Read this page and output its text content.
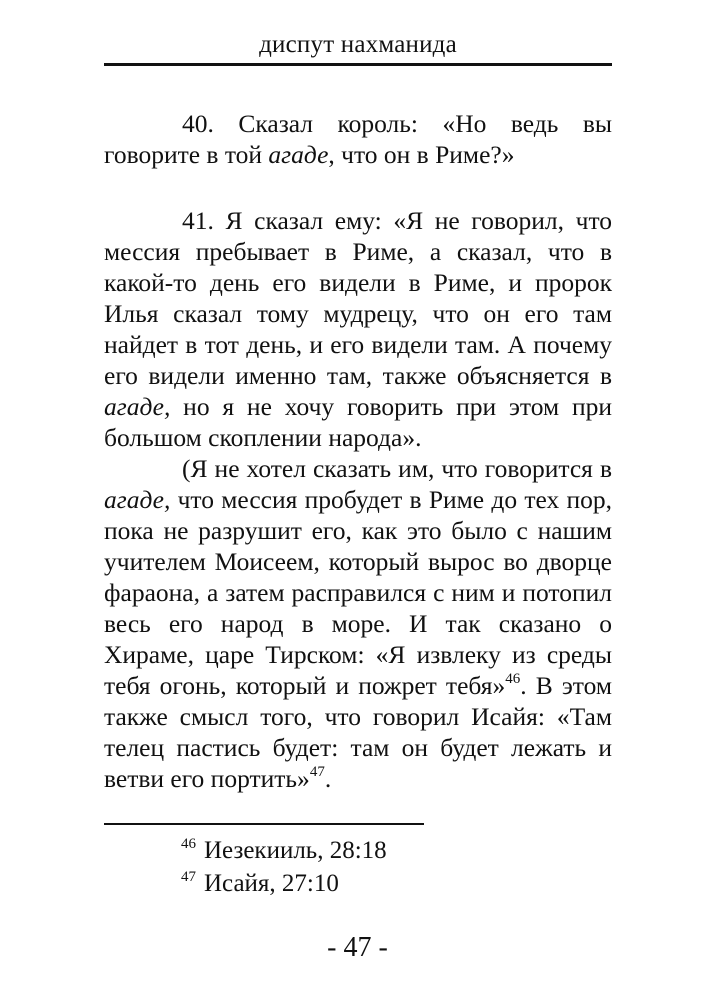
диспут нахманида

40. Сказал король: «Но ведь вы говорите в той агаде, что он в Риме?»

41. Я сказал ему: «Я не говорил, что мессия пребывает в Риме, а сказал, что в какой-то день его видели в Риме, и пророк Илья сказал тому мудрецу, что он его там найдет в тот день, и его видели там. А почему его видели именно там, также объясняется в агаде, но я не хочу говорить при этом при большом скоплении народа».

(Я не хотел сказать им, что говорится в агаде, что мессия пробудет в Риме до тех пор, пока не разрушит его, как это было с нашим учителем Моисеем, который вырос во дворце фараона, а затем расправился с ним и потопил весь его народ в море. И так сказано о Хираме, царе Тирском: «Я извлеку из среды тебя огонь, который и пожрет тебя»$^{46}$. В этом также смысл того, что говорил Исайя: «Там телец пастись будет: там он будет лежать и ветви его портить»$^{47}$.

$^{46}$ Иезекииль, 28:18
$^{47}$ Исайя, 27:10
- 47 -
